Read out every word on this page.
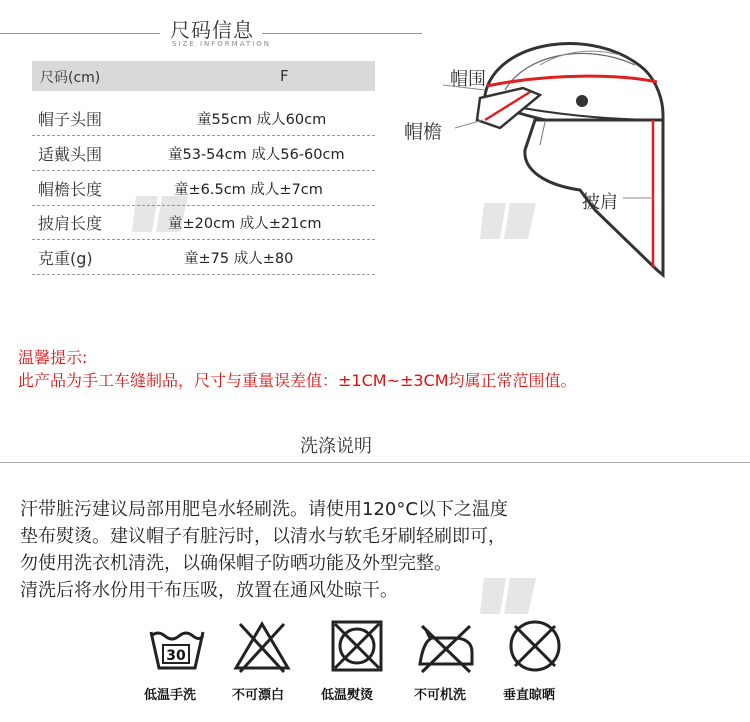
尺码信息
SIZE INFORMATION
尺码(cm)	F
帽子头围	童55cm 成人60cm
适戴头围	童53-54cm 成人56-60cm
帽檐长度	童±6.5cm 成人±7cm
披肩长度	童±20cm 成人±21cm
克重(g)	童±75 成人±80
帽围
帽檐
披肩
温馨提示:
此产品为手工车缝制品，尺寸与重量误差值：±1CM~±3CM均属正常范围值。
洗涤说明
汗带脏污建议局部用肥皂水轻刷洗。请使用120°C以下之温度
垫布熨烫。建议帽子有脏污时，以清水与软毛牙刷轻刷即可，
勿使用洗衣机清洗，以确保帽子防晒功能及外型完整。
清洗后将水份用干布压吸，放置在通风处晾干。
30
低温手洗	不可漂白	低温熨烫	不可机洗	垂直晾晒
